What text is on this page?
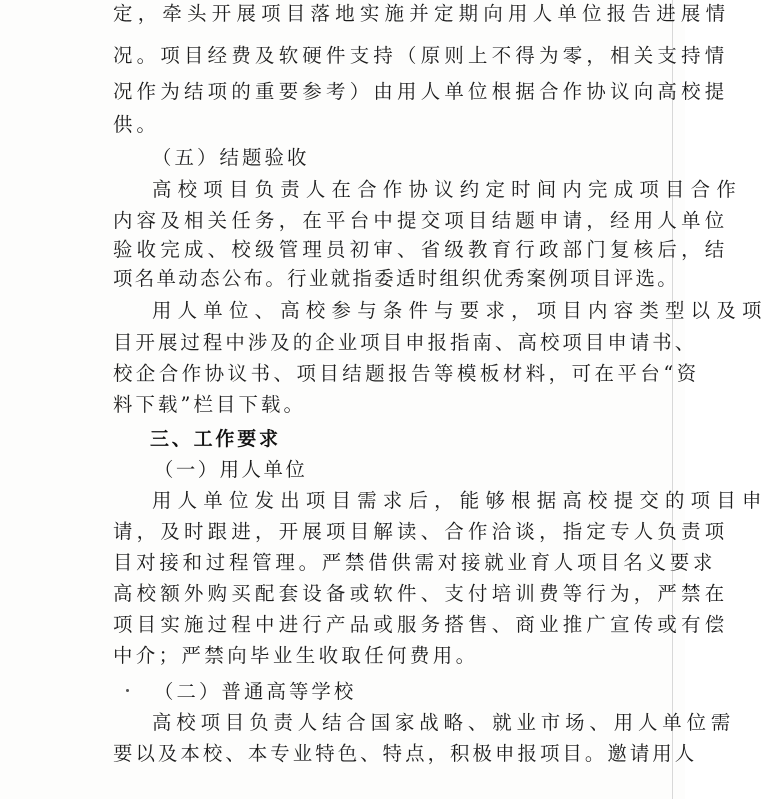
定，牵头开展项目落地实施并定期向用人单位报告进展情
况。项目经费及软硬件支持（原则上不得为零，相关支持情
况作为结项的重要参考）由用人单位根据合作协议向高校提
供。
（五）结题验收
高校项目负责人在合作协议约定时间内完成项目合作
内容及相关任务，在平台中提交项目结题申请，经用人单位
验收完成、校级管理员初审、省级教育行政部门复核后，结
项名单动态公布。行业就指委适时组织优秀案例项目评选。
用人单位、高校参与条件与要求，项目内容类型以及项
目开展过程中涉及的企业项目申报指南、高校项目申请书、
校企合作协议书、项目结题报告等模板材料，可在平台“资
料下载”栏目下载。
三、工作要求
（一）用人单位
用人单位发出项目需求后，能够根据高校提交的项目申
请，及时跟进，开展项目解读、合作洽谈，指定专人负责项
目对接和过程管理。严禁借供需对接就业育人项目名义要求
高校额外购买配套设备或软件、支付培训费等行为，严禁在
项目实施过程中进行产品或服务搭售、商业推广宣传或有偿
中介；严禁向毕业生收取任何费用。
（二）普通高等学校
高校项目负责人结合国家战略、就业市场、用人单位需
要以及本校、本专业特色、特点，积极申报项目。邀请用人
